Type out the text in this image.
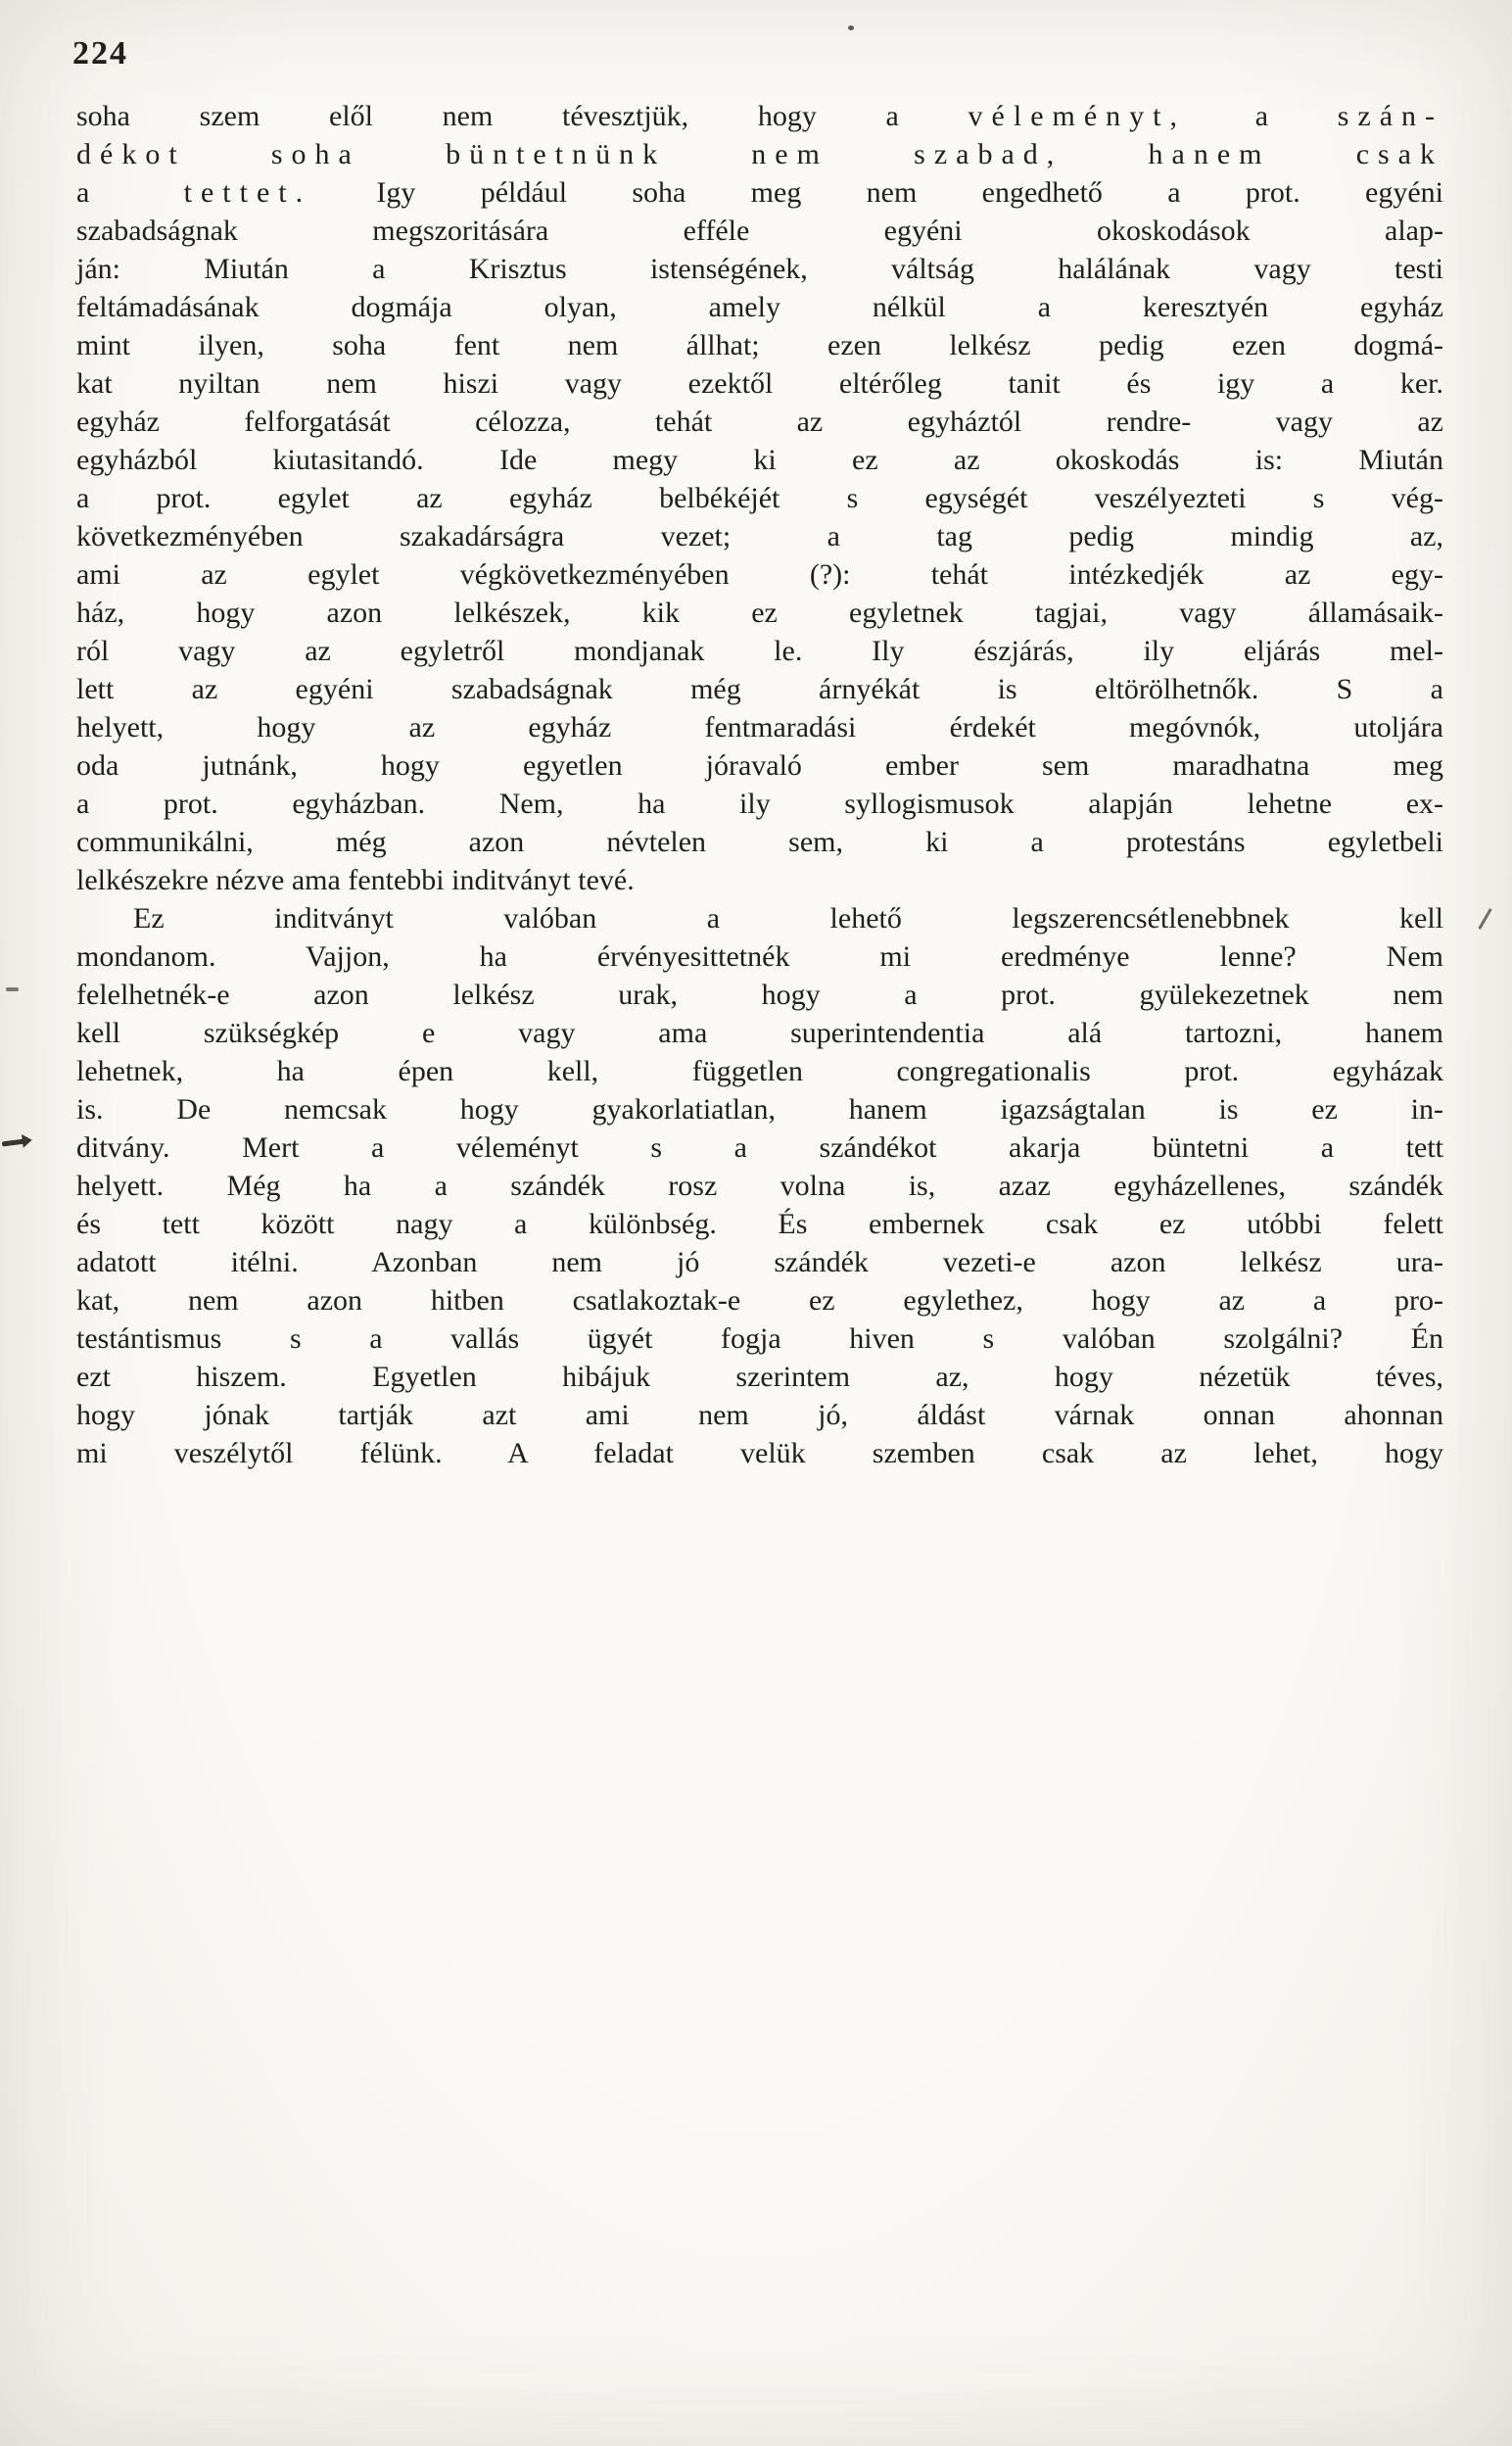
224
soha szem elől nem tévesztjük, hogy a véleményt, a szán-
dékot soha büntetnünk nem szabad, hanem csak
a tettet. Igy például soha meg nem engedhető a prot. egyéni
szabadságnak megszoritására efféle egyéni okoskodások alap-
ján: Miután a Krisztus istenségének, váltság halálának vagy testi
feltámadásának dogmája olyan, amely nélkül a keresztyén egyház
mint ilyen, soha fent nem állhat; ezen lelkész pedig ezen dogmá-
kat nyiltan nem hiszi vagy ezektől eltérőleg tanit és igy a ker.
egyház felforgatását célozza, tehát az egyháztól rendre- vagy az
egyházból kiutasitandó. Ide megy ki ez az okoskodás is: Miután
a prot. egylet az egyház belbékéjét s egységét veszélyezteti s vég-
következményében szakadárságra vezet; a tag pedig mindig az,
ami az egylet végkövetkezményében (?): tehát intézkedjék az egy-
ház, hogy azon lelkészek, kik ez egyletnek tagjai, vagy államásaik-
ról vagy az egyletről mondjanak le. Ily észjárás, ily eljárás mel-
lett az egyéni szabadságnak még árnyékát is eltörölhetnők. S a
helyett, hogy az egyház fentmaradási érdekét megóvnók, utoljára
oda jutnánk, hogy egyetlen jóravaló ember sem maradhatna meg
a prot. egyházban. Nem, ha ily syllogismusok alapján lehetne ex-
communikálni, még azon névtelen sem, ki a protestáns egyletbeli
lelkészekre nézve ama fentebbi inditványt tevé.
Ez inditványt valóban a lehető legszerencsétlenebbnek kell
mondanom. Vajjon, ha érvényesittetnék mi eredménye lenne? Nem
felelhetnék-e azon lelkész urak, hogy a prot. gyülekezetnek nem
kell szükségkép e vagy ama superintendentia alá tartozni, hanem
lehetnek, ha épen kell, független congregationalis prot. egyházak
is. De nemcsak hogy gyakorlatiatlan, hanem igazságtalan is ez in-
ditvány. Mert a véleményt s a szándékot akarja büntetni a tett
helyett. Még ha a szándék rosz volna is, azaz egyházellenes, szándék
és tett között nagy a különbség. És embernek csak ez utóbbi felett
adatott itélni. Azonban nem jó szándék vezeti-e azon lelkész ura-
kat, nem azon hitben csatlakoztak-e ez egylethez, hogy az a pro-
testántismus s a vallás ügyét fogja hiven s valóban szolgálni? Én
ezt hiszem. Egyetlen hibájuk szerintem az, hogy nézetük téves,
hogy jónak tartják azt ami nem jó, áldást várnak onnan ahonnan
mi veszélytől félünk. A feladat velük szemben csak az lehet, hogy
